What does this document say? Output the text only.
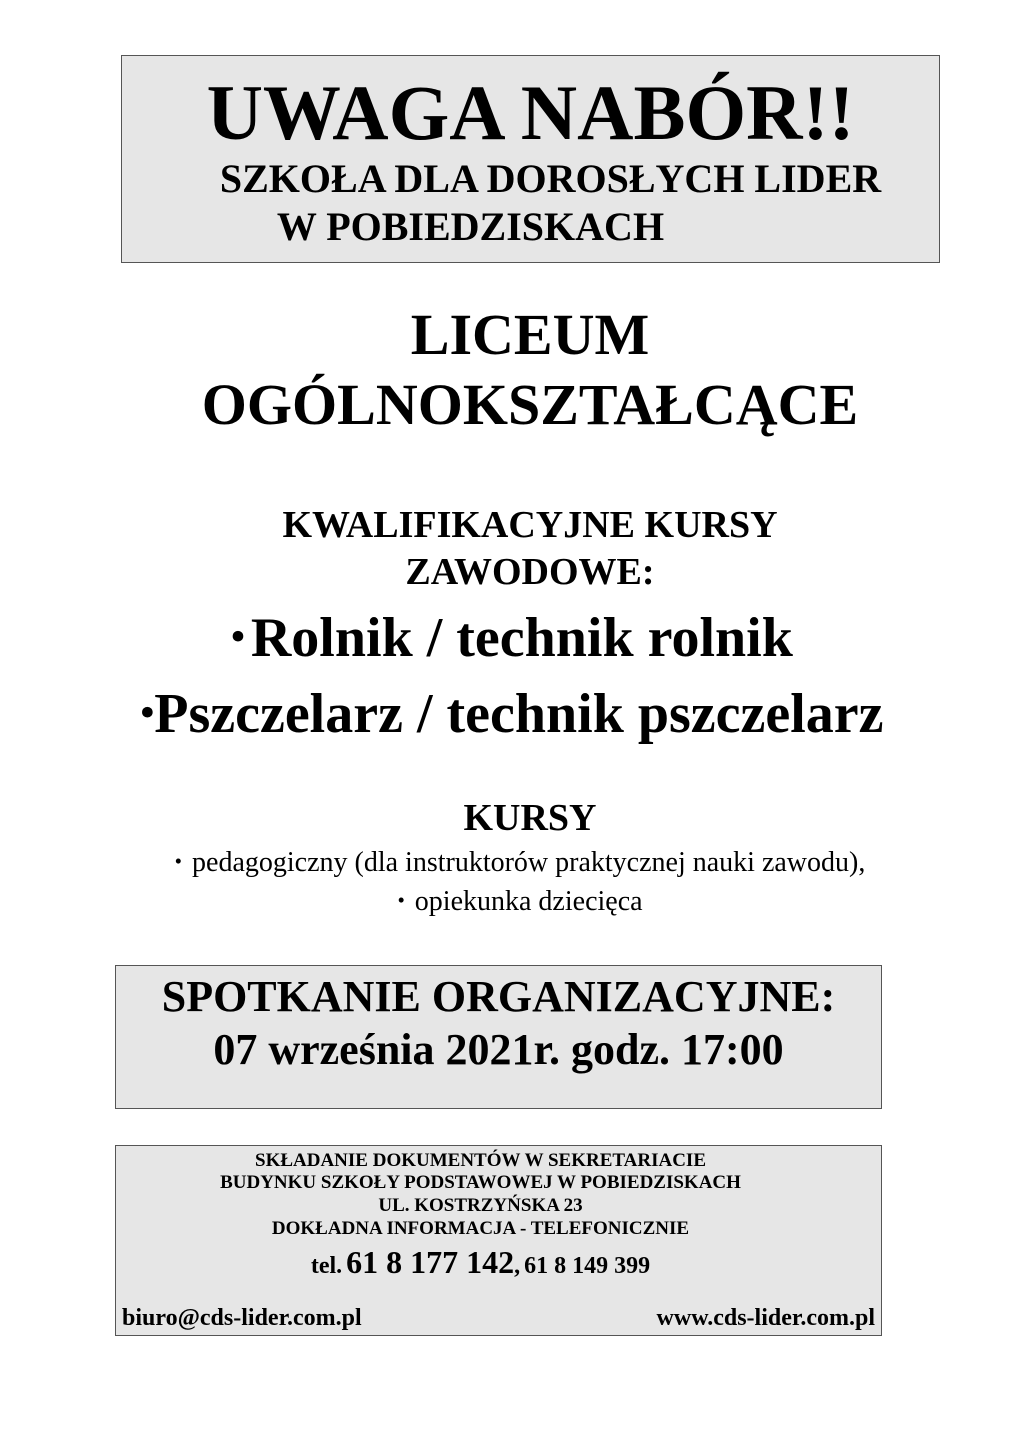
UWAGA NABÓR!!
SZKOŁA DLA DOROSŁYCH LIDER
W POBIEDZISKACH
LICEUM
OGÓLNOKSZTAŁCĄCE
KWALIFIKACYJNE KURSY
ZAWODOWE:
• Rolnik / technik rolnik
•Pszczelarz / technik pszczelarz
KURSY
• pedagogiczny (dla instruktorów praktycznej nauki zawodu),
• opiekunka dziecięca
SPOTKANIE ORGANIZACYJNE:
07 września 2021r. godz. 17:00
SKŁADANIE DOKUMENTÓW W SEKRETARIACIE
BUDYNKU SZKOŁY PODSTAWOWEJ W POBIEDZISKACH
UL. KOSTRZYŃSKA 23
DOKŁADNA INFORMACJA - TELEFONICZNIE
tel. 61 8 177 142, 61 8 149 399
biuro@cds-lider.com.pl	www.cds-lider.com.pl
